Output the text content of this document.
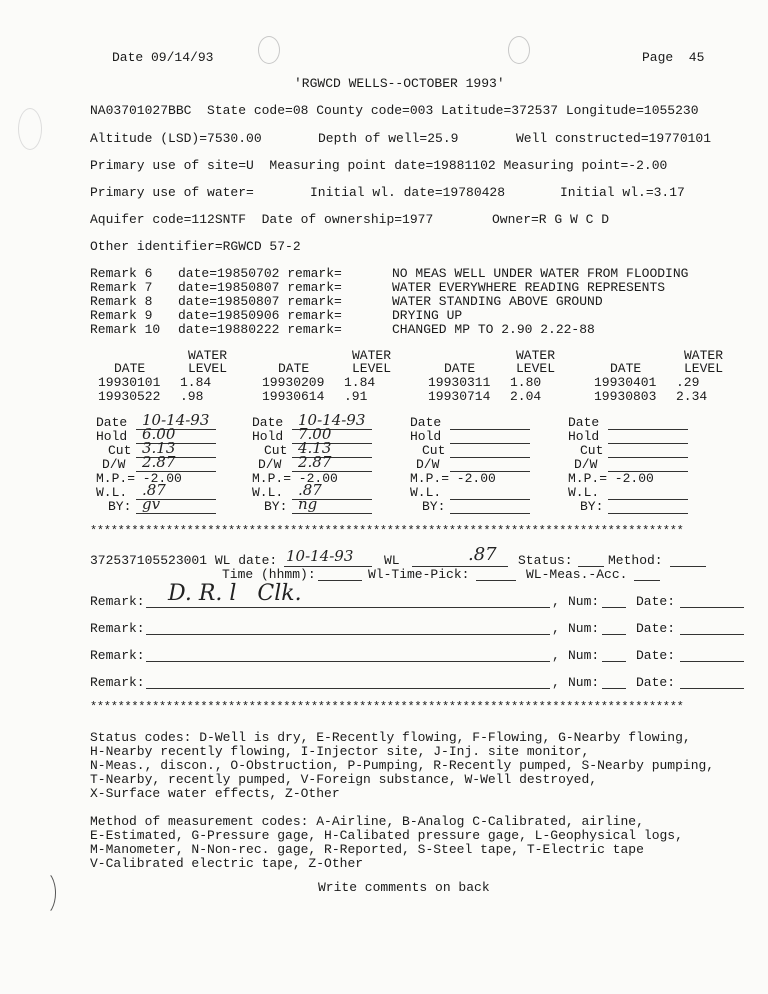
Date 09/14/93	Page  45
'RGWCD WELLS--OCTOBER 1993'
NA03701027BBC  State code=08 County code=003 Latitude=372537 Longitude=1055230
Altitude (LSD)=7530.00	Depth of well=25.9	Well constructed=19770101
Primary use of site=U  Measuring point date=19881102 Measuring point=-2.00
Primary use of water=	Initial wl. date=19780428	Initial wl.=3.17
Aquifer code=112SNTF  Date of ownership=1977	Owner=R G W C D
Other identifier=RGWCD 57-2
Remark 6 date=19850702 remark=	NO MEAS WELL UNDER WATER FROM FLOODING
Remark 7 date=19850807 remark=	WATER EVERYWHERE READING REPRESENTS
Remark 8 date=19850807 remark=	WATER STANDING ABOVE GROUND
Remark 9 date=19850906 remark=	DRYING UP
Remark 10 date=19880222 remark=	CHANGED MP TO 2.90 2.22-88
WATER
DATE	LEVEL
19930101 1.84
19930522 .98
WATER
DATE	LEVEL
19930209 1.84
19930614 .91
WATER
DATE	LEVEL
19930311 1.80
19930714 2.04
WATER
DATE	LEVEL
19930401 .29
19930803 2.34
Date 10-14-93
Hold 6.00
Cut 3.13
D/W 2.87
M.P.= -2.00
W.L. .87
BY: gv
Date 10-14-93
Hold 7.00
Cut 4.13
D/W 2.87
M.P.= -2.00
W.L. .87
BY: ng
Date
Hold
Cut
D/W
M.P.= -2.00
W.L.
BY:
Date
Hold
Cut
D/W
M.P.= -2.00
W.L.
BY:
**************************************************************************************
372537105523001 WL date: 10-14-93 WL	.87 Status:	Method:
Time (hhmm):	Wl-Time-Pick:	WL-Meas.-Acc.
Remark:	, Num:	Date:
D. R. l   Clk.
Remark:	, Num:	Date:
Remark:	, Num:	Date:
Remark:	, Num:	Date:
**************************************************************************************
Status codes: D-Well is dry, E-Recently flowing, F-Flowing, G-Nearby flowing,
H-Nearby recently flowing, I-Injector site, J-Inj. site monitor,
N-Meas., discon., O-Obstruction, P-Pumping, R-Recently pumped, S-Nearby pumping,
T-Nearby, recently pumped, V-Foreign substance, W-Well destroyed,
X-Surface water effects, Z-Other
Method of measurement codes: A-Airline, B-Analog C-Calibrated, airline,
E-Estimated, G-Pressure gage, H-Calibated pressure gage, L-Geophysical logs,
M-Manometer, N-Non-rec. gage, R-Reported, S-Steel tape, T-Electric tape
V-Calibrated electric tape, Z-Other
Write comments on back
